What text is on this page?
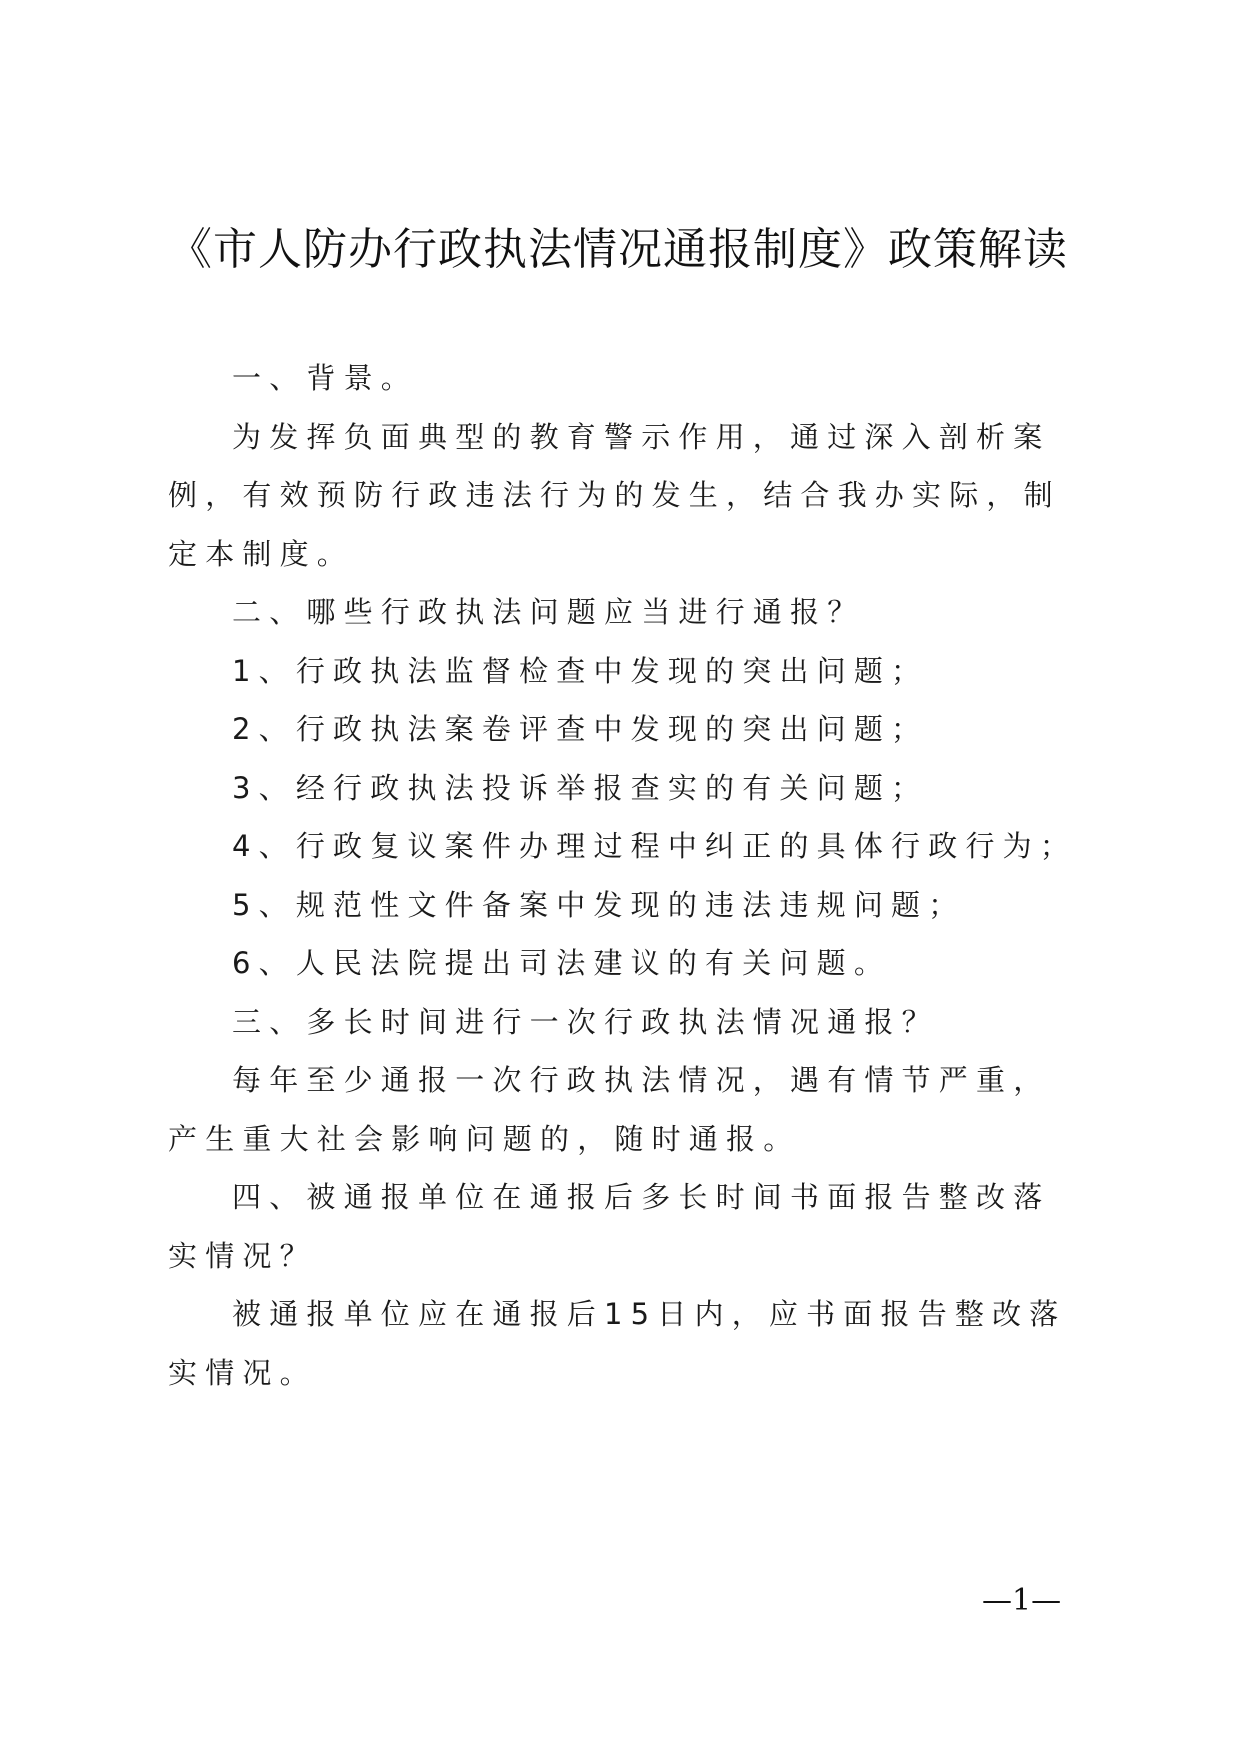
《市人防办行政执法情况通报制度》政策解读

一、背景。

为发挥负面典型的教育警示作用，通过深入剖析案例，有效预防行政违法行为的发生，结合我办实际，制定本制度。

二、哪些行政执法问题应当进行通报？

1、行政执法监督检查中发现的突出问题；

2、行政执法案卷评查中发现的突出问题；

3、经行政执法投诉举报查实的有关问题；

4、行政复议案件办理过程中纠正的具体行政行为；

5、规范性文件备案中发现的违法违规问题；

6、人民法院提出司法建议的有关问题。

三、多长时间进行一次行政执法情况通报？

每年至少通报一次行政执法情况，遇有情节严重，产生重大社会影响问题的，随时通报。

四、被通报单位在通报后多长时间书面报告整改落实情况？

被通报单位应在通报后15日内，应书面报告整改落实情况。

—1—
